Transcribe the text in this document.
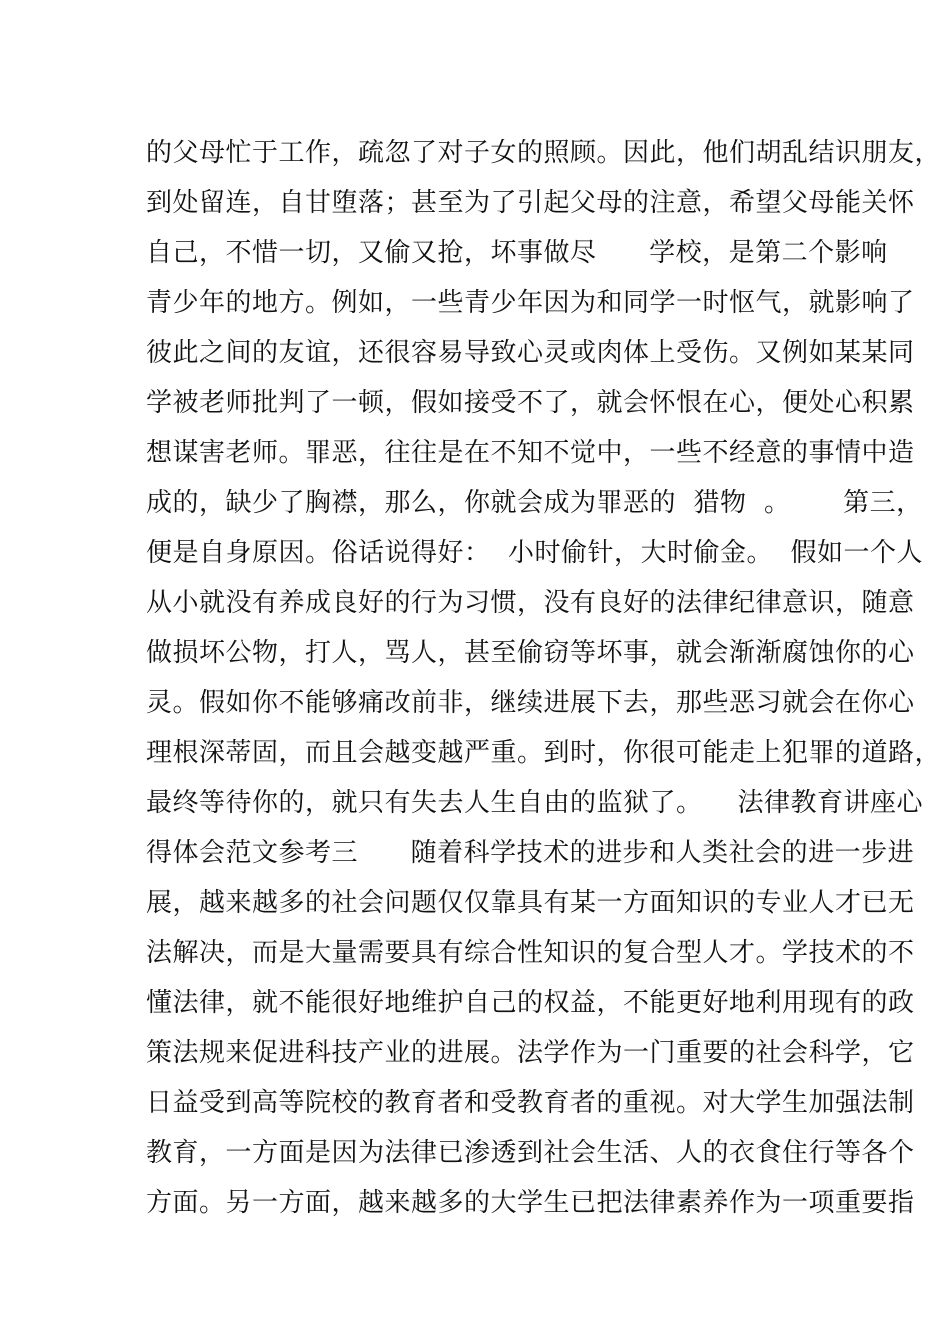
的父母忙于工作，疏忽了对子女的照顾。因此，他们胡乱结识朋友，

到处留连，自甘堕落；甚至为了引起父母的注意，希望父母能关怀

自己，不惜一切，又偷又抢，坏事做尽      学校，是第二个影响

青少年的地方。例如，一些青少年因为和同学一时怄气，就影响了

彼此之间的友谊，还很容易导致心灵或肉体上受伤。又例如某某同

学被老师批判了一顿，假如接受不了，就会怀恨在心，便处心积累

想谋害老师。罪恶，往往是在不知不觉中，一些不经意的事情中造

成的，缺少了胸襟，那么，你就会成为罪恶的  猎物  。      第三，

便是自身原因。俗话说得好：  小时偷针，大时偷金。  假如一个人

从小就没有养成良好的行为习惯，没有良好的法律纪律意识，随意

做损坏公物，打人，骂人，甚至偷窃等坏事，就会渐渐腐蚀你的心

灵。假如你不能够痛改前非，继续进展下去，那些恶习就会在你心

理根深蒂固，而且会越变越严重。到时，你很可能走上犯罪的道路，

最终等待你的，就只有失去人生自由的监狱了。    法律教育讲座心

得体会范文参考三      随着科学技术的进步和人类社会的进一步进

展，越来越多的社会问题仅仅靠具有某一方面知识的专业人才已无

法解决，而是大量需要具有综合性知识的复合型人才。学技术的不

懂法律，就不能很好地维护自己的权益，不能更好地利用现有的政

策法规来促进科技产业的进展。法学作为一门重要的社会科学，它

日益受到高等院校的教育者和受教育者的重视。对大学生加强法制

教育，一方面是因为法律已渗透到社会生活、人的衣食住行等各个

方面。另一方面，越来越多的大学生已把法律素养作为一项重要指
